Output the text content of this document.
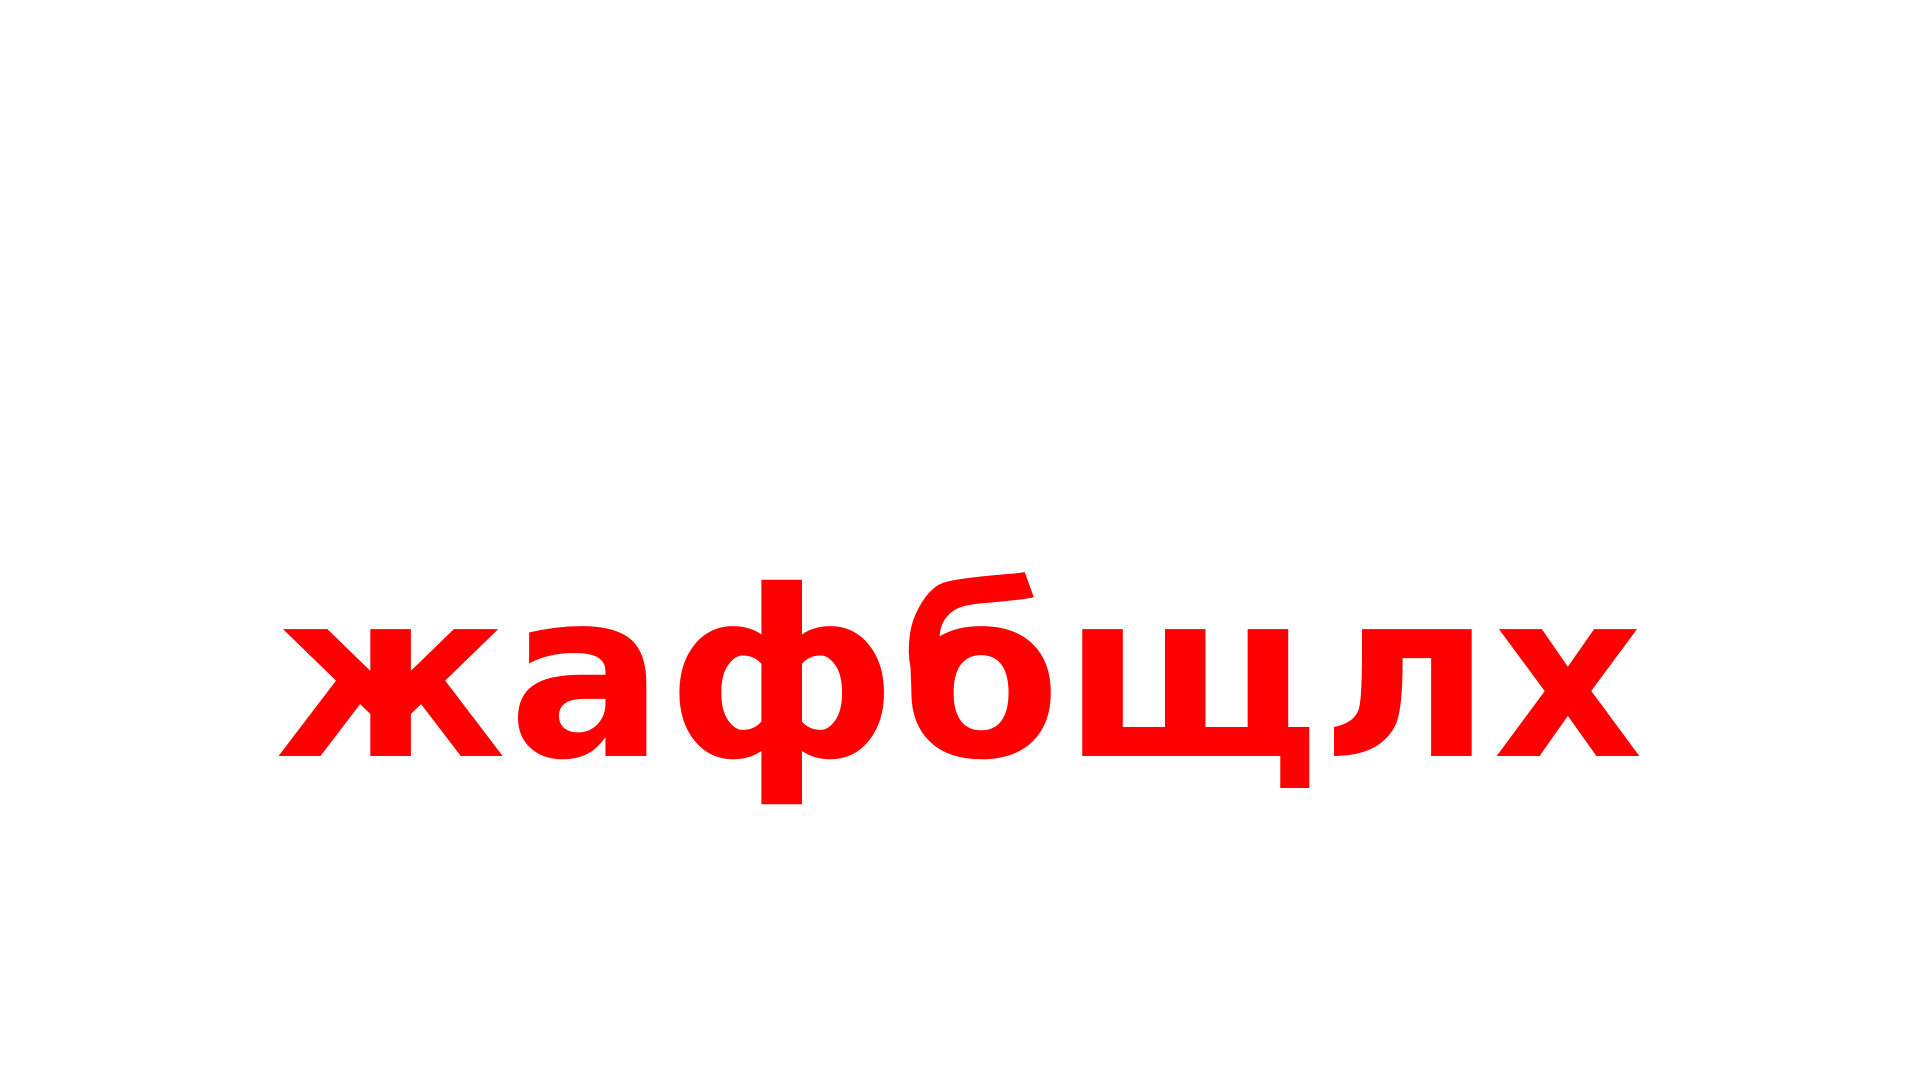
жафбщлх
